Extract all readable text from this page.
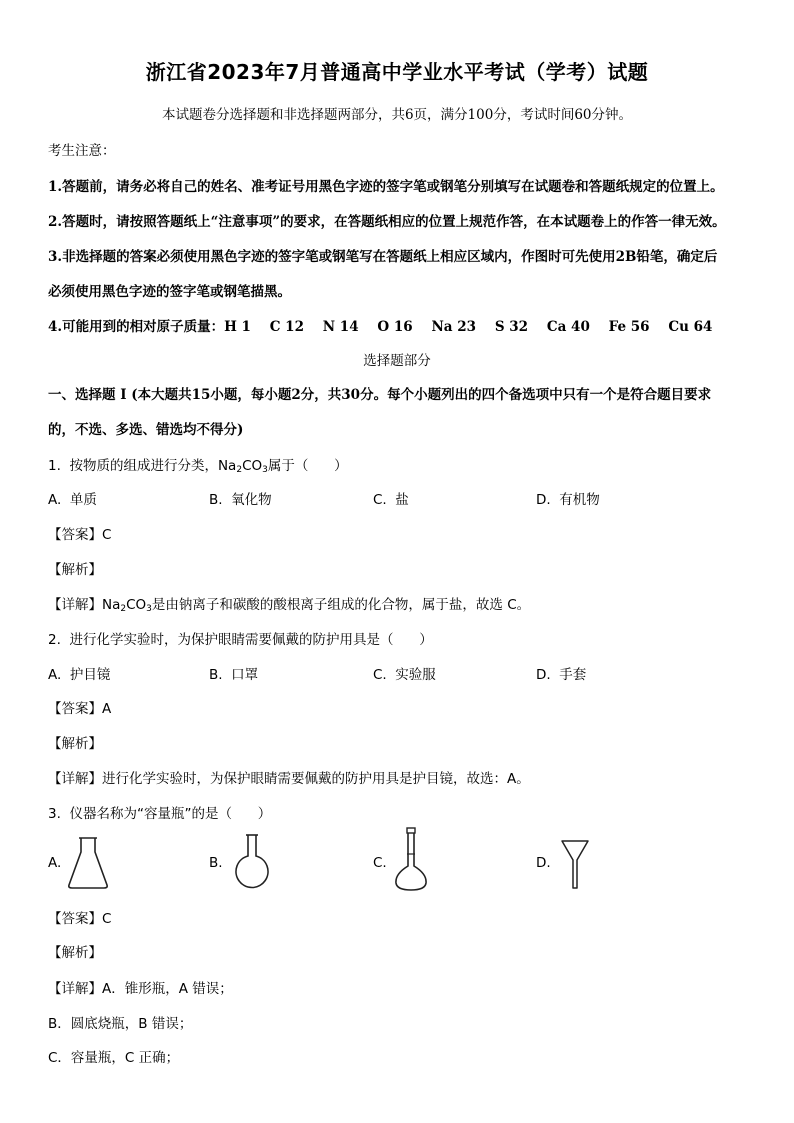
浙江省2023年7月普通高中学业水平考试（学考）试题
本试题卷分选择题和非选择题两部分，共6页，满分100分，考试时间60分钟。
考生注意：
1.答题前，请务必将自己的姓名、准考证号用黑色字迹的签字笔或钢笔分别填写在试题卷和答题纸规定的位置上。
2.答题时，请按照答题纸上“注意事项”的要求，在答题纸相应的位置上规范作答，在本试题卷上的作答一律无效。
3.非选择题的答案必须使用黑色字迹的签字笔或钢笔写在答题纸上相应区域内，作图时可先使用2B铅笔，确定后
必须使用黑色字迹的签字笔或钢笔描黑。
4.可能用到的相对原子质量：H 1    C 12    N 14    O 16    Na 23    S 32    Ca 40    Fe 56    Cu 64
选择题部分
一、选择题 I (本大题共15小题，每小题2分，共30分。每个小题列出的四个备选项中只有一个是符合题目要求
的，不选、多选、错选均不得分)
1.  按物质的组成进行分类，$Na_2CO_3$属于（      ）
A.  单质	B.  氧化物	C.  盐	D.  有机物
【答案】C
【解析】
【详解】$Na_2CO_3$是由钠离子和碳酸的酸根离子组成的化合物，属于盐，故选 C。
2.  进行化学实验时，为保护眼睛需要佩戴的防护用具是（      ）
A.  护目镜	B.  口罩	C.  实验服	D.  手套
【答案】A
【解析】
【详解】进行化学实验时，为保护眼睛需要佩戴的防护用具是护目镜，故选：A。
3.  仪器名称为“容量瓶”的是（      ）
A.	B.	C.	D.
【答案】C
【解析】
【详解】A．锥形瓶，A 错误；
B．圆底烧瓶，B 错误；
C．容量瓶，C 正确；
